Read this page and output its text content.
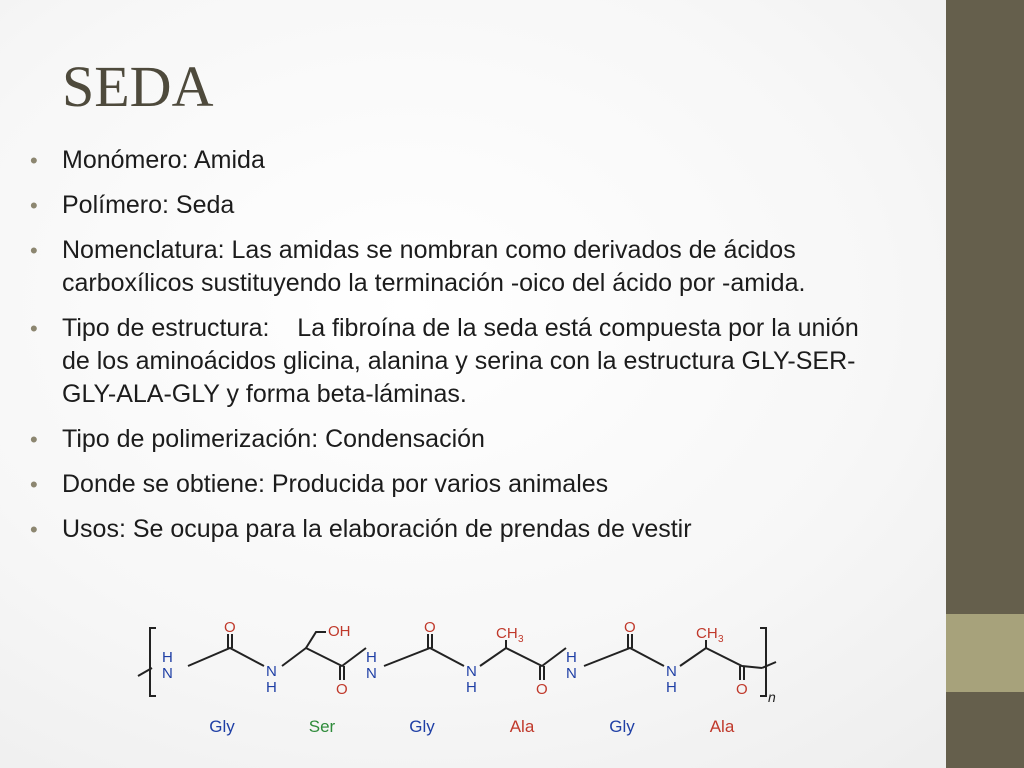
SEDA
• Monómero: Amida
• Polímero: Seda
• Nomenclatura: Las amidas se nombran como derivados de ácidos carboxílicos sustituyendo la terminación -oico del ácido por -amida.
• Tipo de estructura:    La fibroína de la seda está compuesta por la unión de los aminoácidos glicina, alanina y serina con la estructura GLY-SER-GLY-ALA-GLY y forma beta-láminas.
• Tipo de polimerización: Condensación
• Donde se obtiene: Producida por varios animales
• Usos: Se ocupa para la elaboración de prendas de vestir
H
N
O
N
H
OH
O
H
N
O
N
H
CH 3
O
H
N
O
N
H
CH 3
O n
Gly	Ser	Gly	Ala	Gly	Ala
